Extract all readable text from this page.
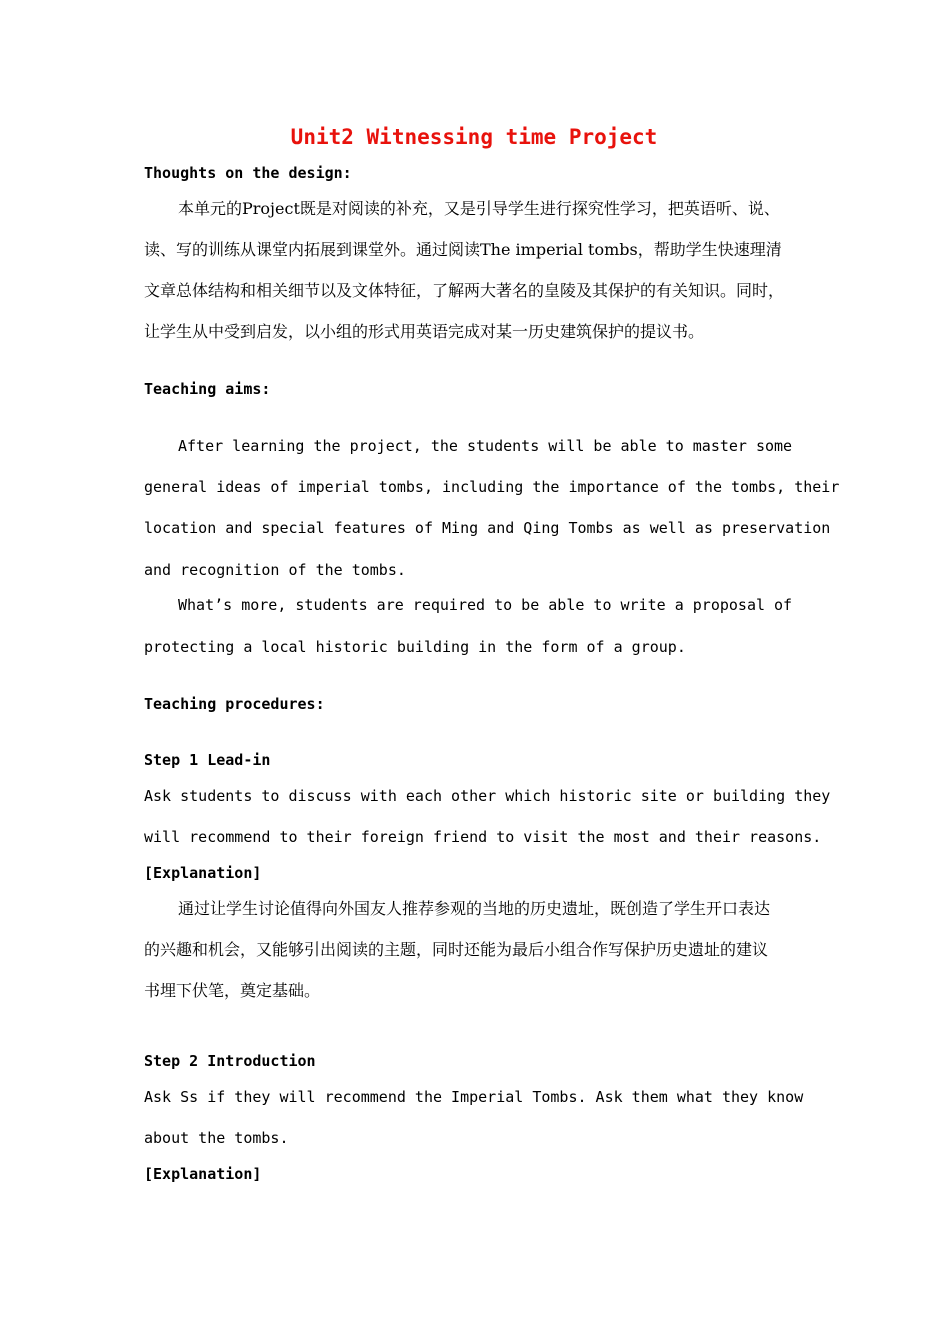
Unit2 Witnessing time Project
Thoughts on the design:
本单元的Project既是对阅读的补充，又是引导学生进行探究性学习，把英语听、说、
读、写的训练从课堂内拓展到课堂外。通过阅读The imperial tombs，帮助学生快速理清
文章总体结构和相关细节以及文体特征，了解两大著名的皇陵及其保护的有关知识。同时，
让学生从中受到启发，以小组的形式用英语完成对某一历史建筑保护的提议书。
Teaching aims:
After learning the project, the students will be able to master some
general ideas of imperial tombs, including the importance of the tombs, their
location and special features of Ming and Qing Tombs as well as preservation
and recognition of the tombs.
What’s more, students are required to be able to write a proposal of
protecting a local historic building in the form of a group.
Teaching procedures:
Step 1 Lead-in
Ask students to discuss with each other which historic site or building they
will recommend to their foreign friend to visit the most and their reasons.
[Explanation]
通过让学生讨论值得向外国友人推荐参观的当地的历史遗址，既创造了学生开口表达
的兴趣和机会，又能够引出阅读的主题，同时还能为最后小组合作写保护历史遗址的建议
书埋下伏笔，奠定基础。
Step 2 Introduction
Ask Ss if they will recommend the Imperial Tombs. Ask them what they know
about the tombs.
[Explanation]
